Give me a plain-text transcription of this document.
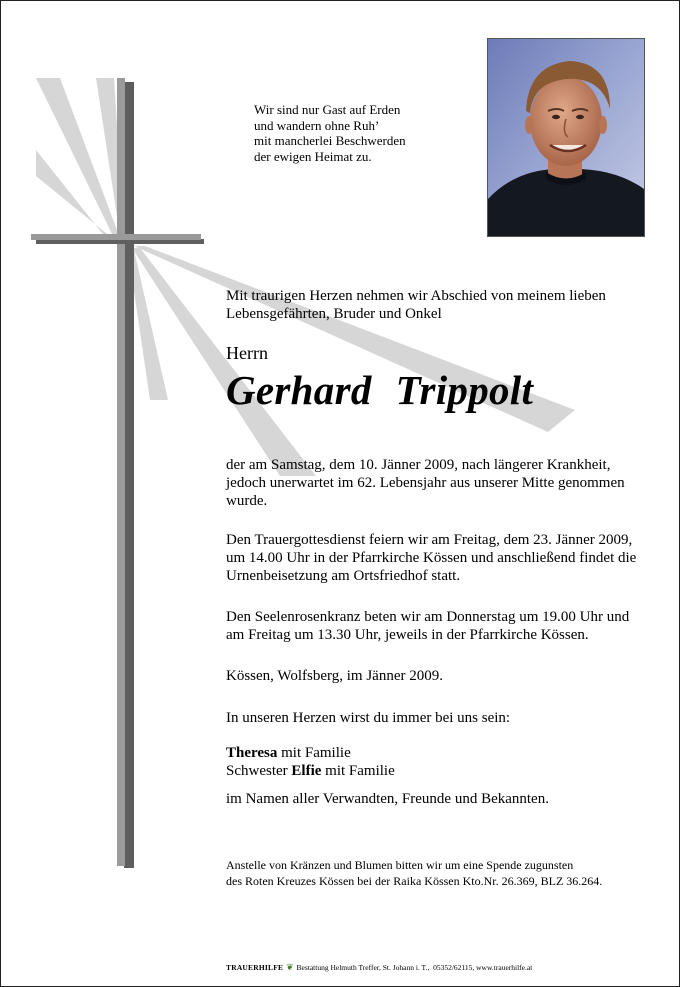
Wir sind nur Gast auf Erden
und wandern ohne Ruh’
mit mancherlei Beschwerden
der ewigen Heimat zu.
Mit traurigen Herzen nehmen wir Abschied von meinem lieben
Lebensgefährten, Bruder und Onkel
Herrn
Gerhard Trippolt
der am Samstag, dem 10. Jänner 2009, nach längerer Krankheit,
jedoch unerwartet im 62. Lebensjahr aus unserer Mitte genommen
wurde.
Den Trauergottesdienst feiern wir am Freitag, dem 23. Jänner 2009,
um 14.00 Uhr in der Pfarrkirche Kössen und anschließend findet die
Urnenbeisetzung am Ortsfriedhof statt.
Den Seelenrosenkranz beten wir am Donnerstag um 19.00 Uhr und
am Freitag um 13.30 Uhr, jeweils in der Pfarrkirche Kössen.
Kössen, Wolfsberg, im Jänner 2009.
In unseren Herzen wirst du immer bei uns sein:
Theresa mit Familie
Schwester Elfie mit Familie
im Namen aller Verwandten, Freunde und Bekannten.
Anstelle von Kränzen und Blumen bitten wir um eine Spende zugunsten
des Roten Kreuzes Kössen bei der Raika Kössen Kto.Nr. 26.369, BLZ 36.264.
TRAUERHILFE ❦ Bestattung Helmuth Treffer, St. Johann i. T.,  05352/62115, www.trauerhilfe.at
